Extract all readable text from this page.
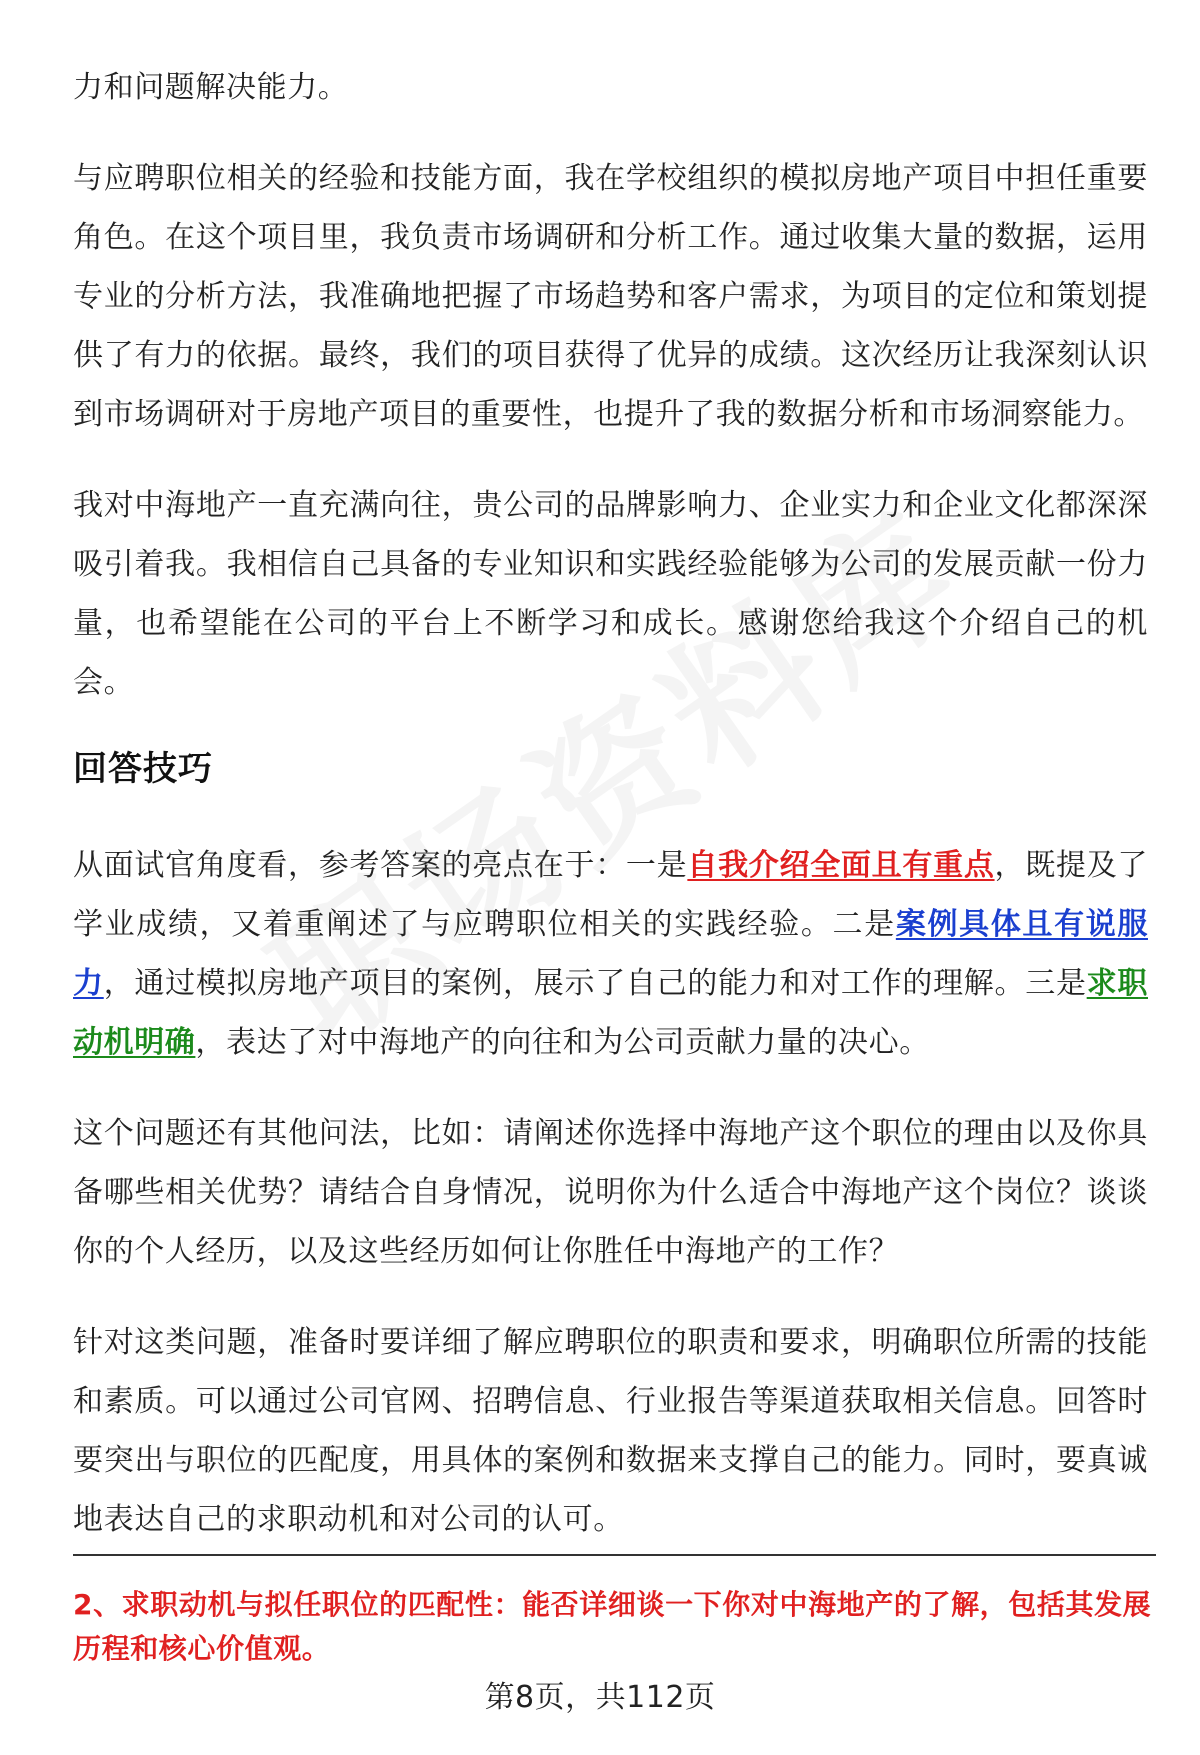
力和问题解决能力。

与应聘职位相关的经验和技能方面，我在学校组织的模拟房地产项目中担任重要角色。在这个项目里，我负责市场调研和分析工作。通过收集大量的数据，运用专业的分析方法，我准确地把握了市场趋势和客户需求，为项目的定位和策划提供了有力的依据。最终，我们的项目获得了优异的成绩。这次经历让我深刻认识到市场调研对于房地产项目的重要性，也提升了我的数据分析和市场洞察能力。

我对中海地产一直充满向往，贵公司的品牌影响力、企业实力和企业文化都深深吸引着我。我相信自己具备的专业知识和实践经验能够为公司的发展贡献一份力量，也希望能在公司的平台上不断学习和成长。感谢您给我这个介绍自己的机会。

回答技巧

从面试官角度看，参考答案的亮点在于：一是自我介绍全面且有重点，既提及了学业成绩，又着重阐述了与应聘职位相关的实践经验。二是案例具体且有说服力，通过模拟房地产项目的案例，展示了自己的能力和对工作的理解。三是求职动机明确，表达了对中海地产的向往和为公司贡献力量的决心。

这个问题还有其他问法，比如：请阐述你选择中海地产这个职位的理由以及你具备哪些相关优势？请结合自身情况，说明你为什么适合中海地产这个岗位？谈谈你的个人经历，以及这些经历如何让你胜任中海地产的工作？

针对这类问题，准备时要详细了解应聘职位的职责和要求，明确职位所需的技能和素质。可以通过公司官网、招聘信息、行业报告等渠道获取相关信息。回答时要突出与职位的匹配度，用具体的案例和数据来支撑自己的能力。同时，要真诚地表达自己的求职动机和对公司的认可。

2、求职动机与拟任职位的匹配性：能否详细谈一下你对中海地产的了解，包括其发展历程和核心价值观。
第8页，共112页
